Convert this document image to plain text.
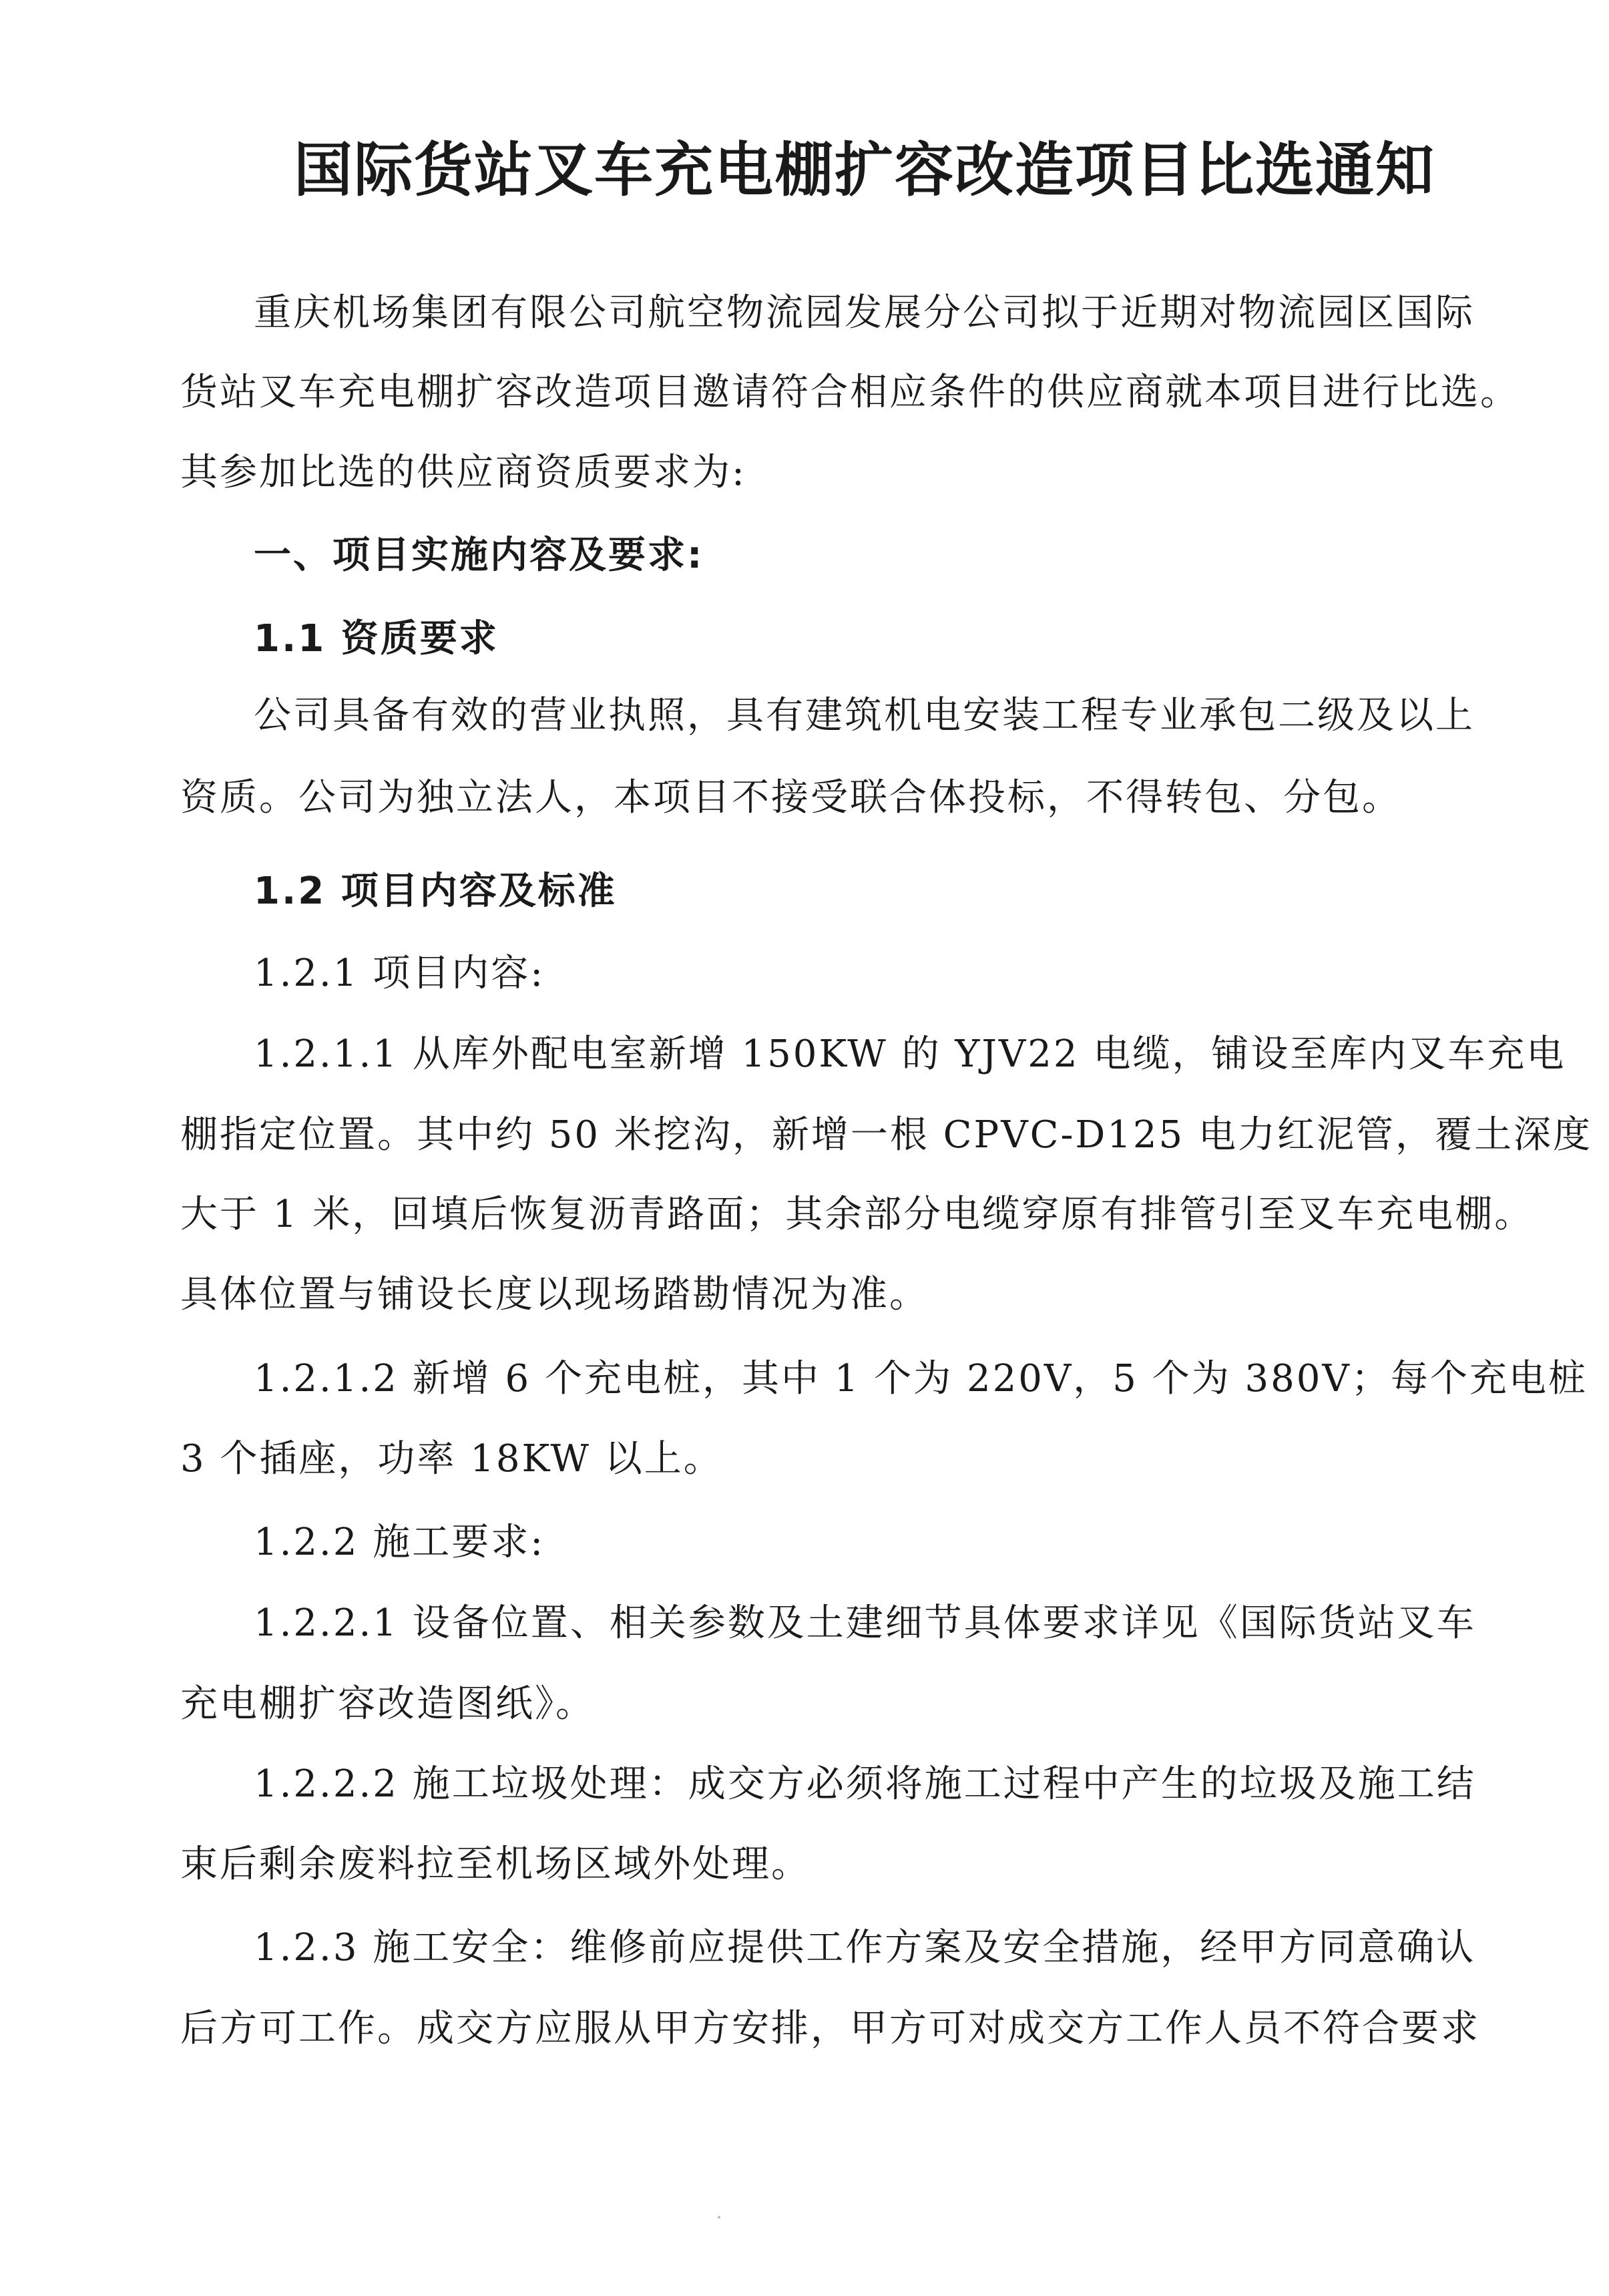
国际货站叉车充电棚扩容改造项目比选通知
重庆机场集团有限公司航空物流园发展分公司拟于近期对物流园区国际
货站叉车充电棚扩容改造项目邀请符合相应条件的供应商就本项目进行比选。
其参加比选的供应商资质要求为:
一、项目实施内容及要求:
1.1 资质要求
公司具备有效的营业执照，具有建筑机电安装工程专业承包二级及以上
资质。公司为独立法人，本项目不接受联合体投标，不得转包、分包。
1.2 项目内容及标准
1.2.1 项目内容:
1.2.1.1 从库外配电室新增 150KW 的 YJV22 电缆，铺设至库内叉车充电
棚指定位置。其中约 50 米挖沟，新增一根 CPVC-D125 电力红泥管，覆土深度
大于 1 米，回填后恢复沥青路面；其余部分电缆穿原有排管引至叉车充电棚。
具体位置与铺设长度以现场踏勘情况为准。
1.2.1.2 新增 6 个充电桩，其中 1 个为 220V，5 个为 380V；每个充电桩
3 个插座，功率 18KW 以上。
1.2.2 施工要求:
1.2.2.1 设备位置、相关参数及土建细节具体要求详见《国际货站叉车
充电棚扩容改造图纸》。
1.2.2.2 施工垃圾处理：成交方必须将施工过程中产生的垃圾及施工结
束后剩余废料拉至机场区域外处理。
1.2.3 施工安全：维修前应提供工作方案及安全措施，经甲方同意确认
后方可工作。成交方应服从甲方安排，甲方可对成交方工作人员不符合要求
